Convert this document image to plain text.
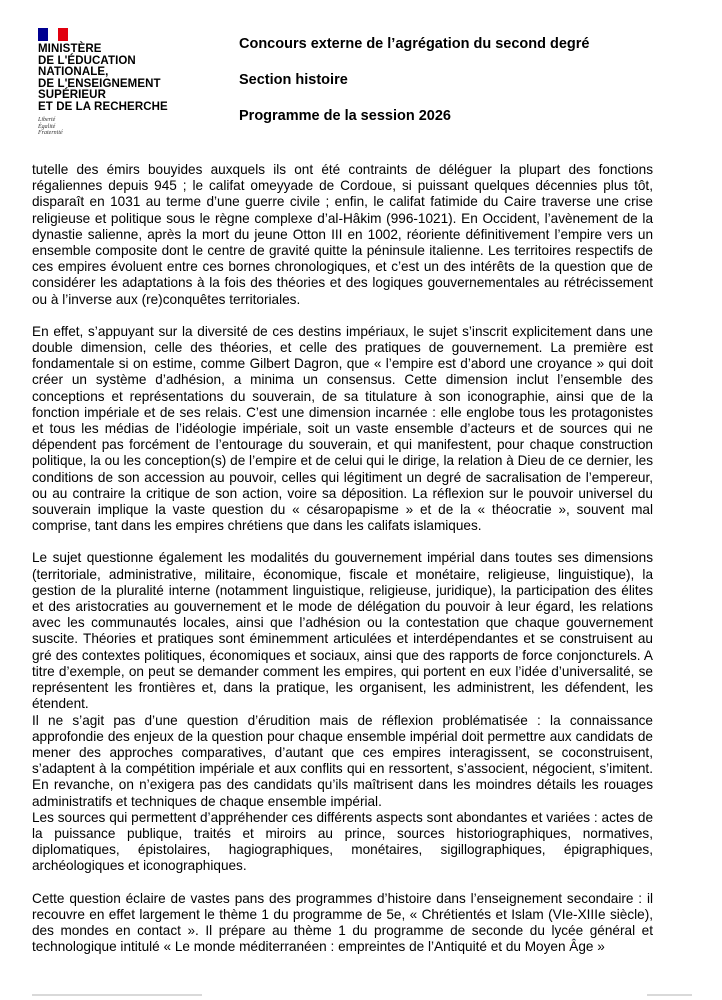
MINISTÈRE
DE L'ÉDUCATION
NATIONALE,
DE L'ENSEIGNEMENT
SUPÉRIEUR
ET DE LA RECHERCHE
Liberté
Égalité
Fraternité
Concours externe de l’agrégation du second degré
Section histoire
Programme de la session 2026

tutelle des émirs bouyides auxquels ils ont été contraints de déléguer la plupart des fonctions régaliennes depuis 945 ; le califat omeyyade de Cordoue, si puissant quelques décennies plus tôt, disparaît en 1031 au terme d’une guerre civile ; enfin, le califat fatimide du Caire traverse une crise religieuse et politique sous le règne complexe d’al-Hâkim (996-1021). En Occident, l’avènement de la dynastie salienne, après la mort du jeune Otton III en 1002, réoriente définitivement l’empire vers un ensemble composite dont le centre de gravité quitte la péninsule italienne. Les territoires respectifs de ces empires évoluent entre ces bornes chronologiques, et c’est un des intérêts de la question que de considérer les adaptations à la fois des théories et des logiques gouvernementales au rétrécissement ou à l’inverse aux (re)conquêtes territoriales.

En effet, s’appuyant sur la diversité de ces destins impériaux, le sujet s’inscrit explicitement dans une double dimension, celle des théories, et celle des pratiques de gouvernement. La première est fondamentale si on estime, comme Gilbert Dagron, que « l’empire est d’abord une croyance » qui doit créer un système d’adhésion, a minima un consensus. Cette dimension inclut l’ensemble des conceptions et représentations du souverain, de sa titulature à son iconographie, ainsi que de la fonction impériale et de ses relais. C’est une dimension incarnée : elle englobe tous les protagonistes et tous les médias de l’idéologie impériale, soit un vaste ensemble d’acteurs et de sources qui ne dépendent pas forcément de l’entourage du souverain, et qui manifestent, pour chaque construction politique, la ou les conception(s) de l’empire et de celui qui le dirige, la relation à Dieu de ce dernier, les conditions de son accession au pouvoir, celles qui légitiment un degré de sacralisation de l’empereur, ou au contraire la critique de son action, voire sa déposition. La réflexion sur le pouvoir universel du souverain implique la vaste question du « césaropapisme » et de la « théocratie », souvent mal comprise, tant dans les empires chrétiens que dans les califats islamiques.

Le sujet questionne également les modalités du gouvernement impérial dans toutes ses dimensions (territoriale, administrative, militaire, économique, fiscale et monétaire, religieuse, linguistique), la gestion de la pluralité interne (notamment linguistique, religieuse, juridique), la participation des élites et des aristocraties au gouvernement et le mode de délégation du pouvoir à leur égard, les relations avec les communautés locales, ainsi que l’adhésion ou la contestation que chaque gouvernement suscite. Théories et pratiques sont éminemment articulées et interdépendantes et se construisent au gré des contextes politiques, économiques et sociaux, ainsi que des rapports de force conjoncturels. A titre d’exemple, on peut se demander comment les empires, qui portent en eux l’idée d’universalité, se représentent les frontières et, dans la pratique, les organisent, les administrent, les défendent, les étendent.

Il ne s’agit pas d’une question d’érudition mais de réflexion problématisée : la connaissance approfondie des enjeux de la question pour chaque ensemble impérial doit permettre aux candidats de mener des approches comparatives, d’autant que ces empires interagissent, se coconstruisent, s’adaptent à la compétition impériale et aux conflits qui en ressortent, s’associent, négocient, s’imitent. En revanche, on n’exigera pas des candidats qu’ils maîtrisent dans les moindres détails les rouages administratifs et techniques de chaque ensemble impérial.

Les sources qui permettent d’appréhender ces différents aspects sont abondantes et variées : actes de la puissance publique, traités et miroirs au prince, sources historiographiques, normatives, diplomatiques, épistolaires, hagiographiques, monétaires, sigillographiques, épigraphiques, archéologiques et iconographiques.

Cette question éclaire de vastes pans des programmes d’histoire dans l’enseignement secondaire : il recouvre en effet largement le thème 1 du programme de 5e, « Chrétientés et Islam (VIe-XIIIe siècle), des mondes en contact ». Il prépare au thème 1 du programme de seconde du lycée général et technologique intitulé « Le monde méditerranéen : empreintes de l’Antiquité et du Moyen Âge »
